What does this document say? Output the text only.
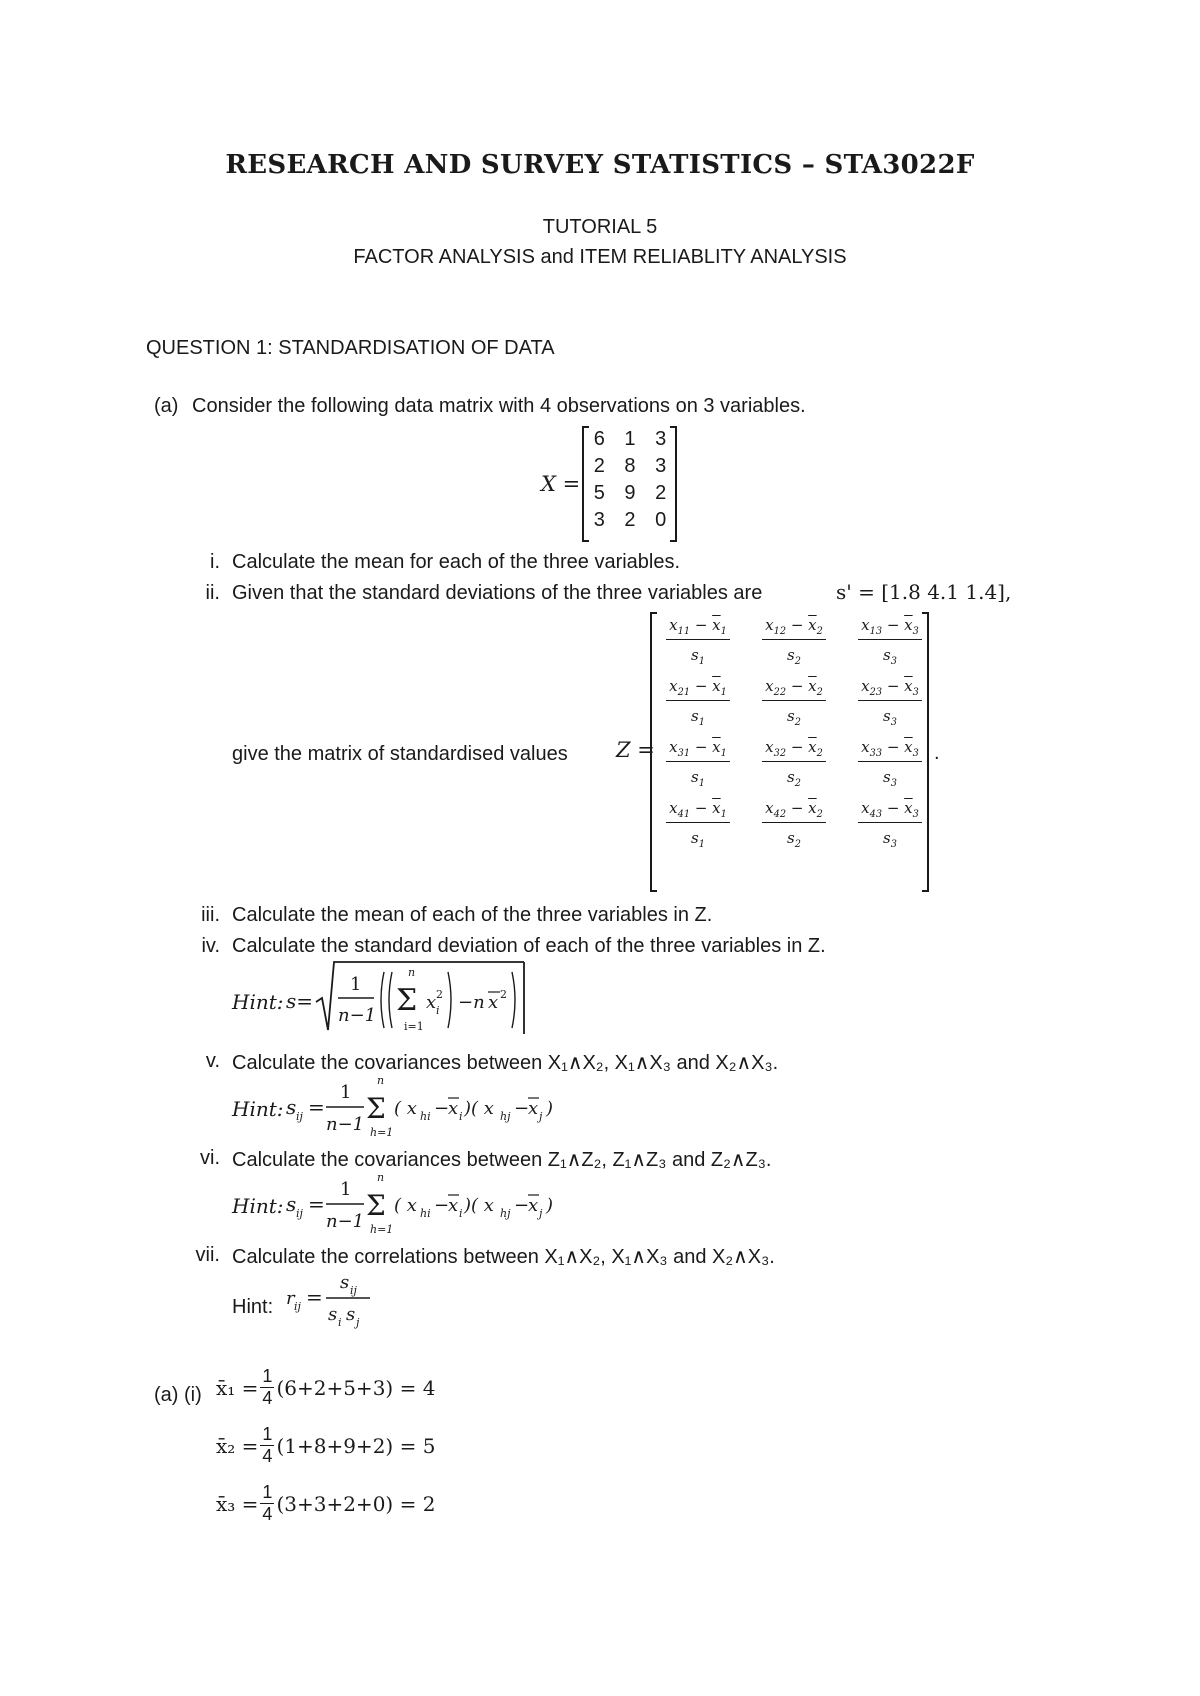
RESEARCH AND SURVEY STATISTICS – STA3022F
TUTORIAL 5
FACTOR ANALYSIS and ITEM RELIABLITY ANALYSIS
QUESTION 1: STANDARDISATION OF DATA
(a) Consider the following data matrix with 4 observations on 3 variables.
X =
6 1 3
2 8 3
5 9 2
3 2 0
i. Calculate the mean for each of the three variables.
ii. Given that the standard deviations of the three variables are	s' = [1.8 4.1 1.4],
give the matrix of standardised values Z =	.
$x_{11} - \overline{x}_1$
$s_1$
$x_{12} - \overline{x}_2$
$s_2$
$x_{13} - \overline{x}_3$
$s_3$
$x_{21} - \overline{x}_1$
$s_1$
$x_{22} - \overline{x}_2$
$s_2$
$x_{23} - \overline{x}_3$
$s_3$
$x_{31} - \overline{x}_1$
$s_1$
$x_{32} - \overline{x}_2$
$s_2$
$x_{33} - \overline{x}_3$
$s_3$
$x_{41} - \overline{x}_1$
$s_1$
$x_{42} - \overline{x}_2$
$s_2$
$x_{43} - \overline{x}_3$
$s_3$
iii. Calculate the mean of each of the three variables in Z.
iv. Calculate the standard deviation of each of the three variables in Z.
Hint: s=
1
n−1
n
Σ
i=1
x 2
i −n x 2
v. Calculate the covariances between X₁∧X₂, X₁∧X₃ and X₂∧X₃.
Hint: s ij =
1
n−1
n
Σ
h=1
( x hi −
x i )( x hj −
x j )
vi. Calculate the covariances between Z₁∧Z₂, Z₁∧Z₃ and Z₂∧Z₃.
Hint: s ij =
1
n−1
n
Σ
h=1
( x hi −
x i )( x hj −
x j )
vii. Calculate the correlations between X₁∧X₂, X₁∧X₃ and X₂∧X₃.
Hint: r ij =
s ij
s i s j
(a) (i) x̄₁ = $\frac{1}{4} (6+2+5+3) = 4$
x̄₂ = $\frac{1}{4} (1+8+9+2) = 5$
x̄₃ = $\frac{1}{4} (3+3+2+0) = 2$
